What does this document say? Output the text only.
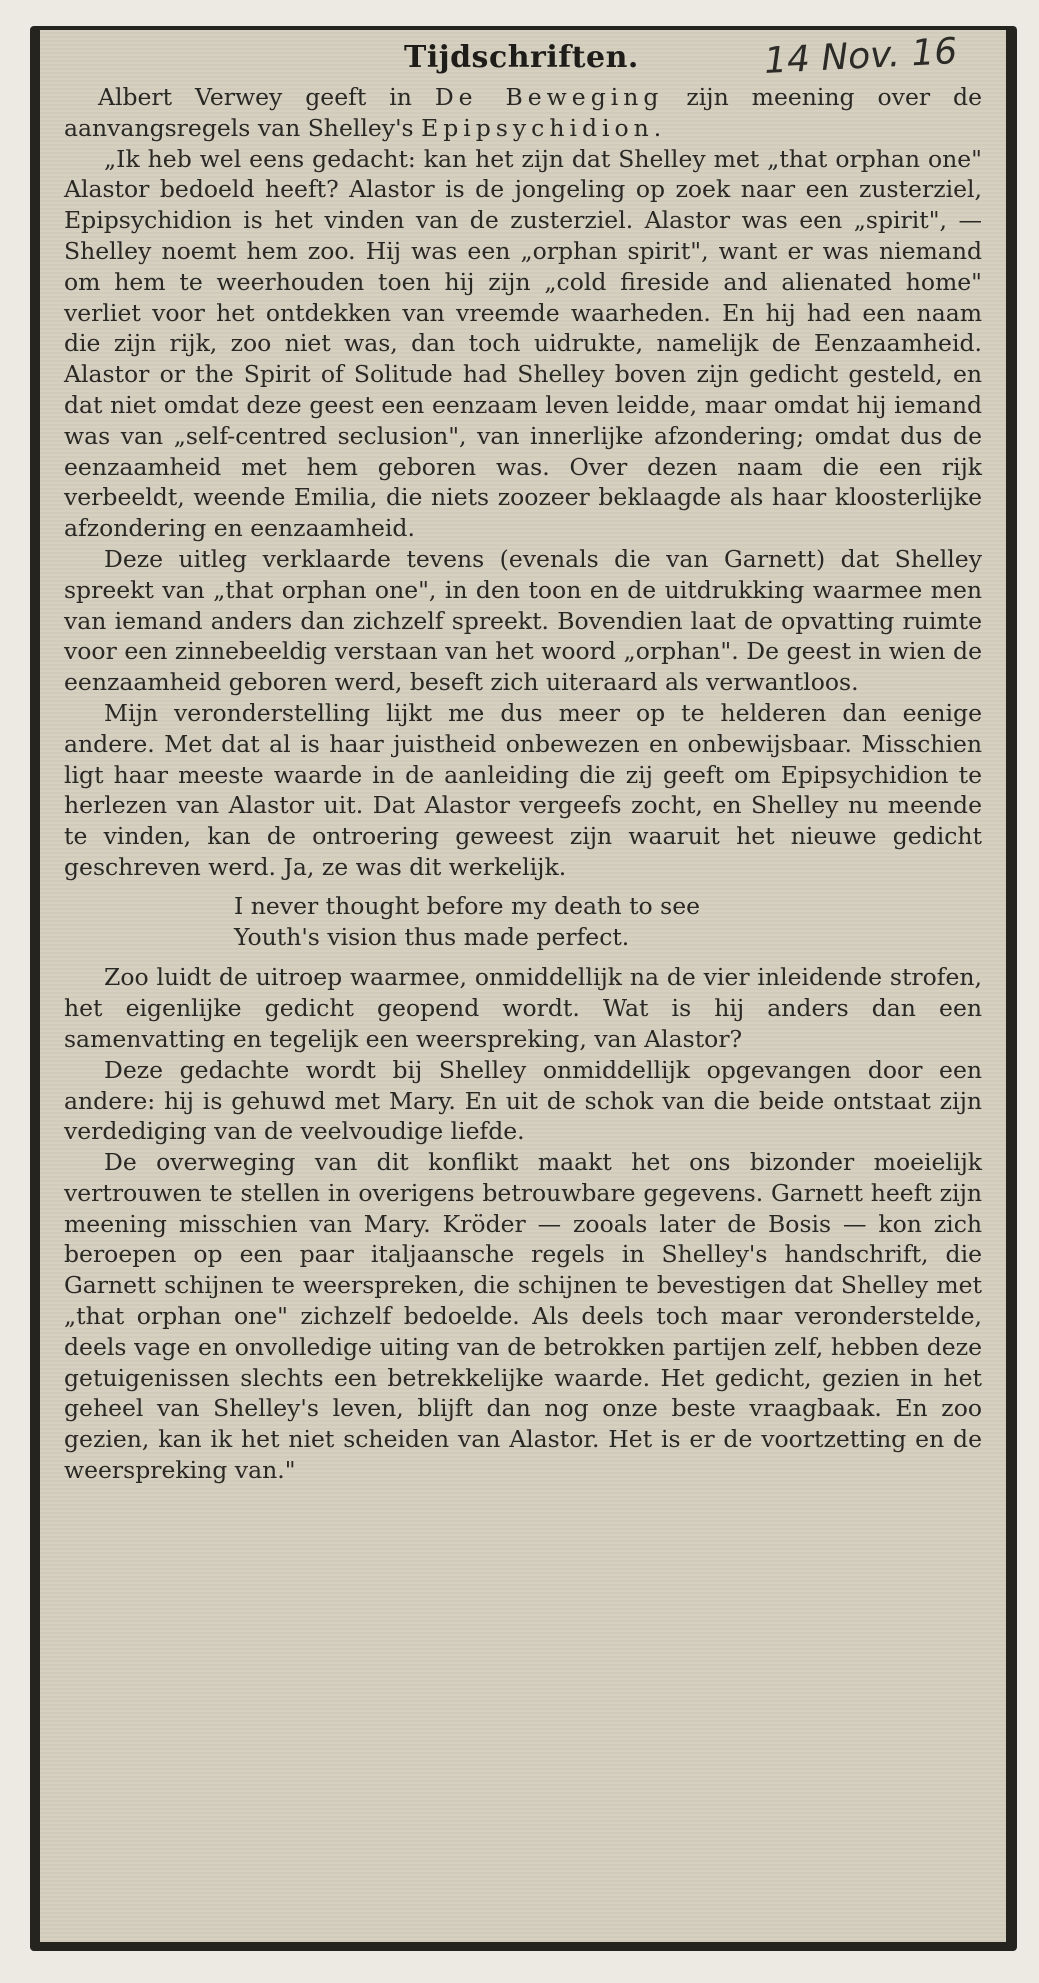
Tijdschriften.	14 Nov. 16

Albert Verwey geeft in De Beweging zijn meening over de aanvangsregels van Shelley's Epipsychidion.

„Ik heb wel eens gedacht: kan het zijn dat Shelley met „that orphan one" Alastor bedoeld heeft? Alastor is de jongeling op zoek naar een zusterziel, Epipsychidion is het vinden van de zusterziel. Alastor was een „spirit", — Shelley noemt hem zoo. Hij was een „orphan spirit", want er was niemand om hem te weerhouden toen hij zijn „cold fireside and alienated home" verliet voor het ontdekken van vreemde waarheden. En hij had een naam die zijn rijk, zoo niet was, dan toch uidrukte, namelijk de Eenzaamheid. Alastor or the Spirit of Solitude had Shelley boven zijn gedicht gesteld, en dat niet omdat deze geest een eenzaam leven leidde, maar omdat hij iemand was van „self-centred seclusion", van innerlijke afzondering; omdat dus de eenzaamheid met hem geboren was. Over dezen naam die een rijk verbeeldt, weende Emilia, die niets zoozeer beklaagde als haar kloosterlijke afzondering en eenzaamheid.

Deze uitleg verklaarde tevens (evenals die van Garnett) dat Shelley spreekt van „that orphan one", in den toon en de uitdrukking waarmee men van iemand anders dan zichzelf spreekt. Bovendien laat de opvatting ruimte voor een zinnebeeldig verstaan van het woord „orphan". De geest in wien de eenzaamheid geboren werd, beseft zich uiteraard als verwantloos.

Mijn veronderstelling lijkt me dus meer op te helderen dan eenige andere. Met dat al is haar juistheid onbewezen en onbewijsbaar. Misschien ligt haar meeste waarde in de aanleiding die zij geeft om Epipsychidion te herlezen van Alastor uit. Dat Alastor vergeefs zocht, en Shelley nu meende te vinden, kan de ontroering geweest zijn waaruit het nieuwe gedicht geschreven werd. Ja, ze was dit werkelijk.

I never thought before my death to see
Youth's vision thus made perfect.

Zoo luidt de uitroep waarmee, onmiddellijk na de vier inleidende strofen, het eigenlijke gedicht geopend wordt. Wat is hij anders dan een samenvatting en tegelijk een weerspreking, van Alastor?

Deze gedachte wordt bij Shelley onmiddellijk opgevangen door een andere: hij is gehuwd met Mary. En uit de schok van die beide ontstaat zijn verdediging van de veelvoudige liefde.

De overweging van dit konflikt maakt het ons bizonder moeielijk vertrouwen te stellen in overigens betrouwbare gegevens. Garnett heeft zijn meening misschien van Mary. Kröder — zooals later de Bosis — kon zich beroepen op een paar italjaansche regels in Shelley's handschrift, die Garnett schijnen te weerspreken, die schijnen te bevestigen dat Shelley met „that orphan one" zichzelf bedoelde. Als deels toch maar veronderstelde, deels vage en onvolledige uiting van de betrokken partijen zelf, hebben deze getuigenissen slechts een betrekkelijke waarde. Het gedicht, gezien in het geheel van Shelley's leven, blijft dan nog onze beste vraagbaak. En zoo gezien, kan ik het niet scheiden van Alastor. Het is er de voortzetting en de weerspreking van."
